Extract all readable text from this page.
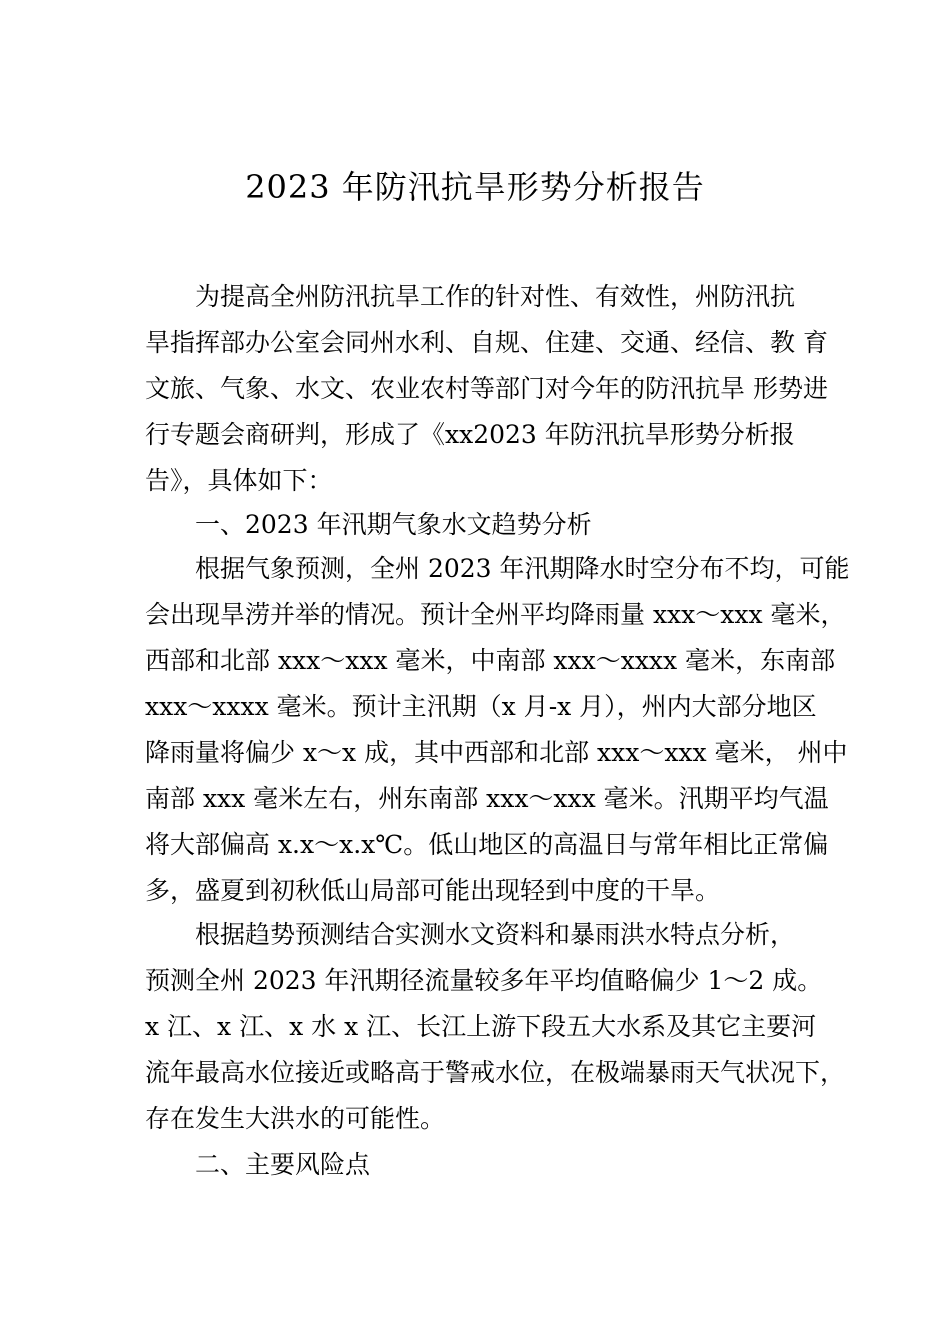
2023 年防汛抗旱形势分析报告
为提高全州防汛抗旱工作的针对性、有效性，州防汛抗
旱指挥部办公室会同州水利、自规、住建、交通、经信、教 育
文旅、气象、水文、农业农村等部门对今年的防汛抗旱 形势进
行专题会商研判，形成了《xx2023 年防汛抗旱形势分析报
告》，具体如下：
一、2023 年汛期气象水文趋势分析
根据气象预测，全州 2023 年汛期降水时空分布不均，可能
会出现旱涝并举的情况。预计全州平均降雨量 xxx～xxx 毫米，
西部和北部 xxx～xxx 毫米，中南部 xxx～xxxx 毫米，东南部
xxx～xxxx 毫米。预计主汛期（x 月-x 月），州内大部分地区
降雨量将偏少 x～x 成，其中西部和北部 xxx～xxx 毫米， 州中
南部 xxx 毫米左右，州东南部 xxx～xxx 毫米。汛期平均气温
将大部偏高 x.x～x.x℃。低山地区的高温日与常年相比正常偏
多，盛夏到初秋低山局部可能出现轻到中度的干旱。
根据趋势预测结合实测水文资料和暴雨洪水特点分析，
预测全州 2023 年汛期径流量较多年平均值略偏少 1～2 成。
x 江、x 江、x 水 x 江、长江上游下段五大水系及其它主要河
流年最高水位接近或略高于警戒水位，在极端暴雨天气状况下，
存在发生大洪水的可能性。
二、主要风险点
